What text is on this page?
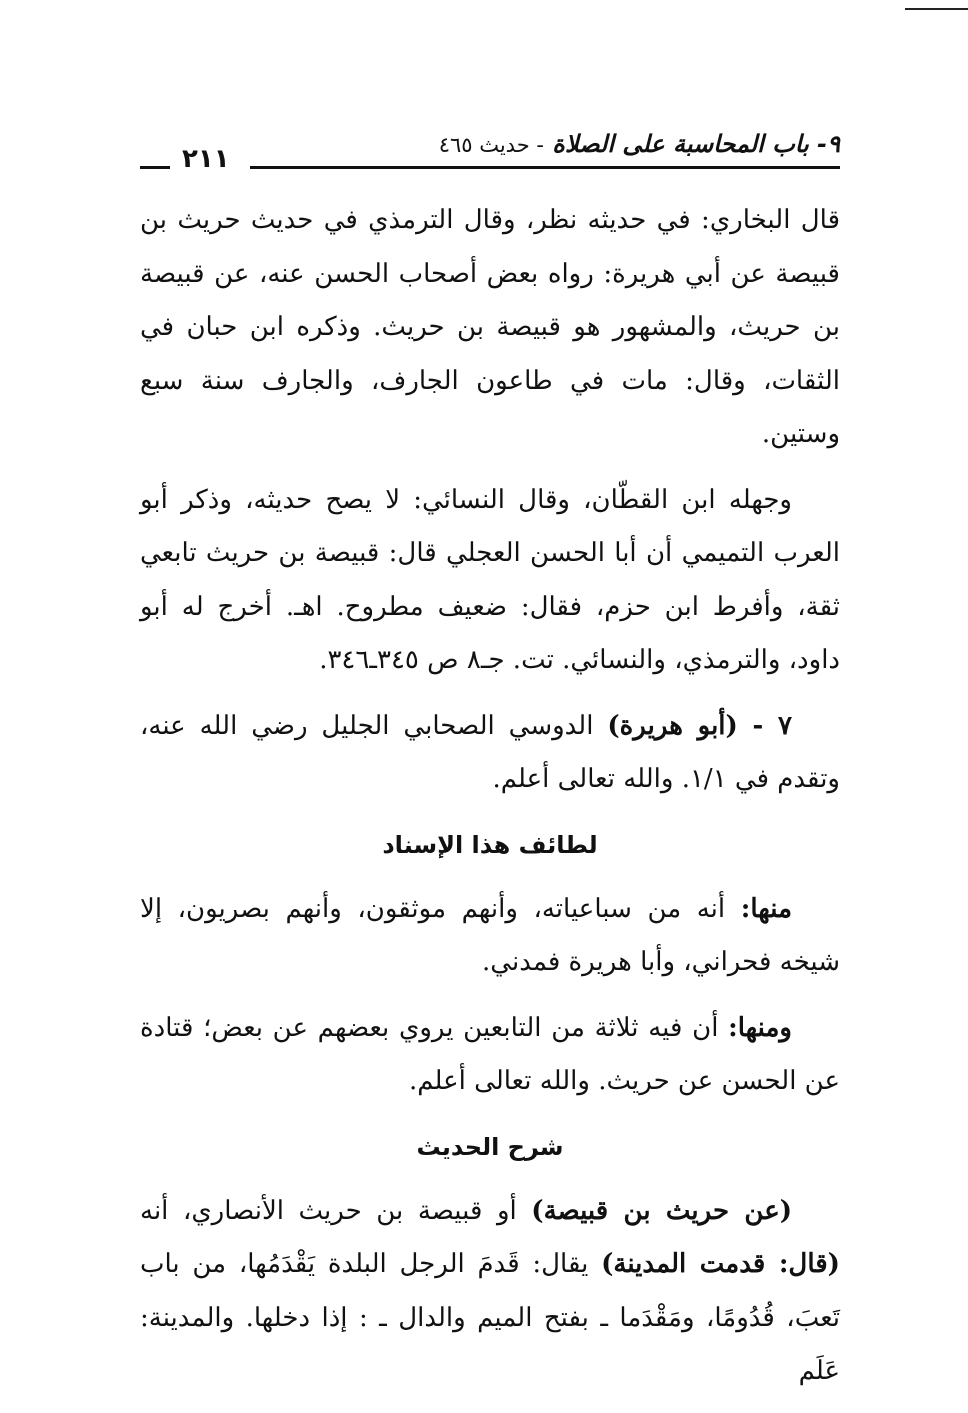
٩- باب المحاسبة على الصلاة - حديث ٤٦٥
٢١١

قال البخاري: في حديثه نظر، وقال الترمذي في حديث حريث بن قبيصة عن أبي هريرة: رواه بعض أصحاب الحسن عنه، عن قبيصة بن حريث، والمشهور هو قبيصة بن حريث. وذكره ابن حبان في الثقات، وقال: مات في طاعون الجارف، والجارف سنة سبع وستين.

وجهله ابن القطّان، وقال النسائي: لا يصح حديثه، وذكر أبو العرب التميمي أن أبا الحسن العجلي قال: قبيصة بن حريث تابعي ثقة، وأفرط ابن حزم، فقال: ضعيف مطروح. اهـ. أخرج له أبو داود، والترمذي، والنسائي. تت. جـ٨ ص ٣٤٥ـ٣٤٦.

٧ - (أبو هريرة) الدوسي الصحابي الجليل رضي الله عنه، وتقدم في ١/١. والله تعالى أعلم.

لطائف هذا الإسناد

منها: أنه من سباعياته، وأنهم موثقون، وأنهم بصريون، إلا شيخه فحراني، وأبا هريرة فمدني.

ومنها: أن فيه ثلاثة من التابعين يروي بعضهم عن بعض؛ قتادة عن الحسن عن حريث. والله تعالى أعلم.

شرح الحديث

(عن حريث بن قبيصة) أو قبيصة بن حريث الأنصاري، أنه (قال: قدمت المدينة) يقال: قَدمَ الرجل البلدة يَقْدَمُها، من باب تَعبَ، قُدُومًا، ومَقْدَما ـ بفتح الميم والدال ـ : إذا دخلها. والمدينة: عَلَم
